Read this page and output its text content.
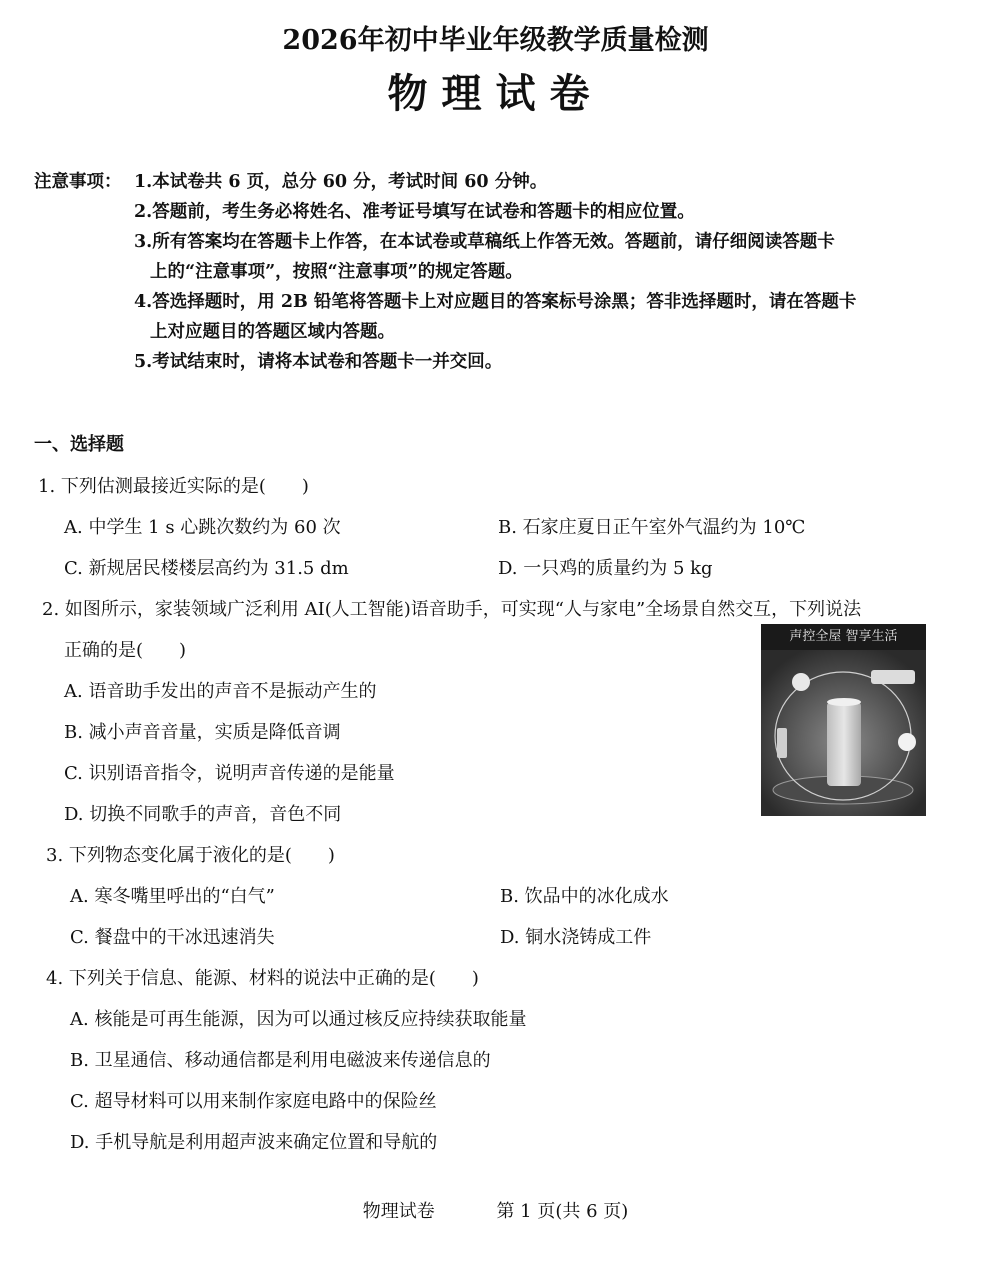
2026年初中毕业年级教学质量检测
物理试卷
注意事项： 1.本试卷共 6 页，总分 60 分，考试时间 60 分钟。
2.答题前，考生务必将姓名、准考证号填写在试卷和答题卡的相应位置。
3.所有答案均在答题卡上作答，在本试卷或草稿纸上作答无效。答题前，请仔细阅读答题卡
上的“注意事项”，按照“注意事项”的规定答题。
4.答选择题时，用 2B 铅笔将答题卡上对应题目的答案标号涂黑；答非选择题时，请在答题卡
上对应题目的答题区域内答题。
5.考试结束时，请将本试卷和答题卡一并交回。
一、选择题
1. 下列估测最接近实际的是(　　)
A. 中学生 1 s 心跳次数约为 60 次	B. 石家庄夏日正午室外气温约为 10℃
C. 新规居民楼楼层高约为 31.5 dm	D. 一只鸡的质量约为 5 kg
2. 如图所示，家装领域广泛利用 AI(人工智能)语音助手，可实现“人与家电”全场景自然交互，下列说法
正确的是(　　)
A. 语音助手发出的声音不是振动产生的
B. 减小声音音量，实质是降低音调
C. 识别语音指令，说明声音传递的是能量
D. 切换不同歌手的声音，音色不同
声控全屋 智享生活
3. 下列物态变化属于液化的是(　　)
A. 寒冬嘴里呼出的“白气”	B. 饮品中的冰化成水
C. 餐盘中的干冰迅速消失	D. 铜水浇铸成工件
4. 下列关于信息、能源、材料的说法中正确的是(　　)
A. 核能是可再生能源，因为可以通过核反应持续获取能量
B. 卫星通信、移动通信都是利用电磁波来传递信息的
C. 超导材料可以用来制作家庭电路中的保险丝
D. 手机导航是利用超声波来确定位置和导航的
物理试卷	第 1 页(共 6 页)
